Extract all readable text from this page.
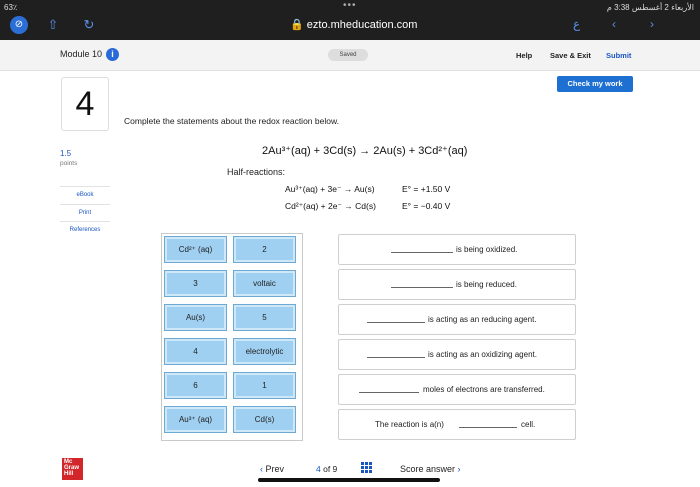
63٪	الأربعاء 2 أغسطس 3:38 م
•••
⊘	⇧ ↻	🔒 ezto.mheducation.com	ع	‹	›
Module 10	i	Saved	Help Save & Exit Submit
4
Check my work
Complete the statements about the redox reaction below.
1.5
points
eBook
Print
References
2Au³⁺(aq) + 3Cd(s) → 2Au(s) + 3Cd²⁺(aq)
Half-reactions:
Au³⁺(aq) + 3e⁻ → Au(s)	E° = +1.50 V
Cd²⁺(aq) + 2e⁻ → Cd(s)	E° = −0.40 V
Cd²⁺ (aq)	2
3	voltaic
Au(s)	5
4	electrolytic
6	1
Au³⁺ (aq)	Cd(s)
is being oxidized.
is being reduced.
is acting as an reducing agent.
is acting as an oxidizing agent.
moles of electrons are transferred.
The reaction is a(n)	cell.
Mc
Graw
Hill	‹ Prev	4 of 9	Score answer ›
